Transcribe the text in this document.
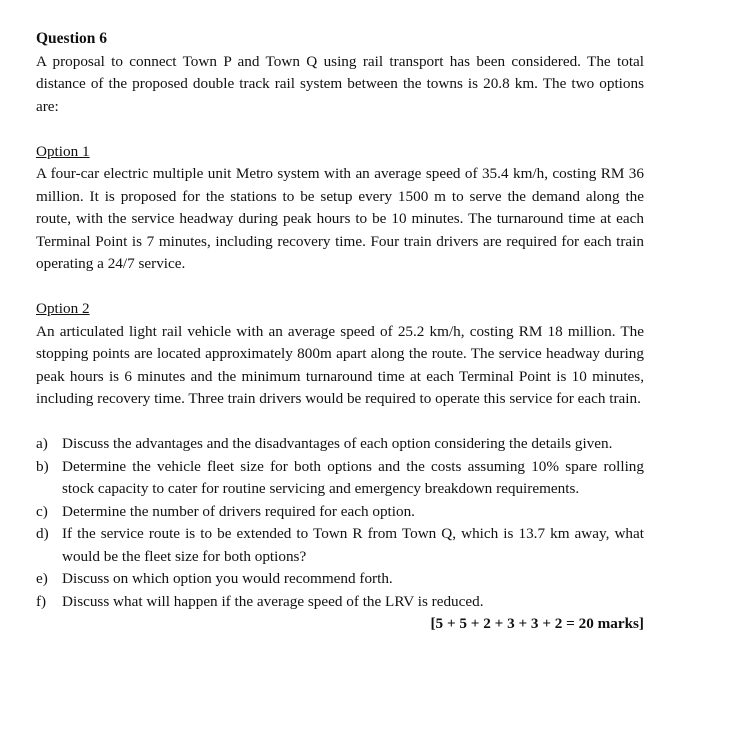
Question 6

A proposal to connect Town P and Town Q using rail transport has been considered. The total distance of the proposed double track rail system between the towns is 20.8 km. The two options are:

Option 1

A four-car electric multiple unit Metro system with an average speed of 35.4 km/h, costing RM 36 million. It is proposed for the stations to be setup every 1500 m to serve the demand along the route, with the service headway during peak hours to be 10 minutes. The turnaround time at each Terminal Point is 7 minutes, including recovery time. Four train drivers are required for each train operating a 24/7 service.

Option 2

An articulated light rail vehicle with an average speed of 25.2 km/h, costing RM 18 million. The stopping points are located approximately 800m apart along the route. The service headway during peak hours is 6 minutes and the minimum turnaround time at each Terminal Point is 10 minutes, including recovery time. Three train drivers would be required to operate this service for each train.

a) Discuss the advantages and the disadvantages of each option considering the details given.
b) Determine the vehicle fleet size for both options and the costs assuming 10% spare rolling stock capacity to cater for routine servicing and emergency breakdown requirements.
c) Determine the number of drivers required for each option.
d) If the service route is to be extended to Town R from Town Q, which is 13.7 km away, what would be the fleet size for both options?
e) Discuss on which option you would recommend forth.
f)	Discuss what will happen if the average speed of the LRV is reduced.

[5 + 5 + 2 + 3 + 3 + 2 = 20 marks]
